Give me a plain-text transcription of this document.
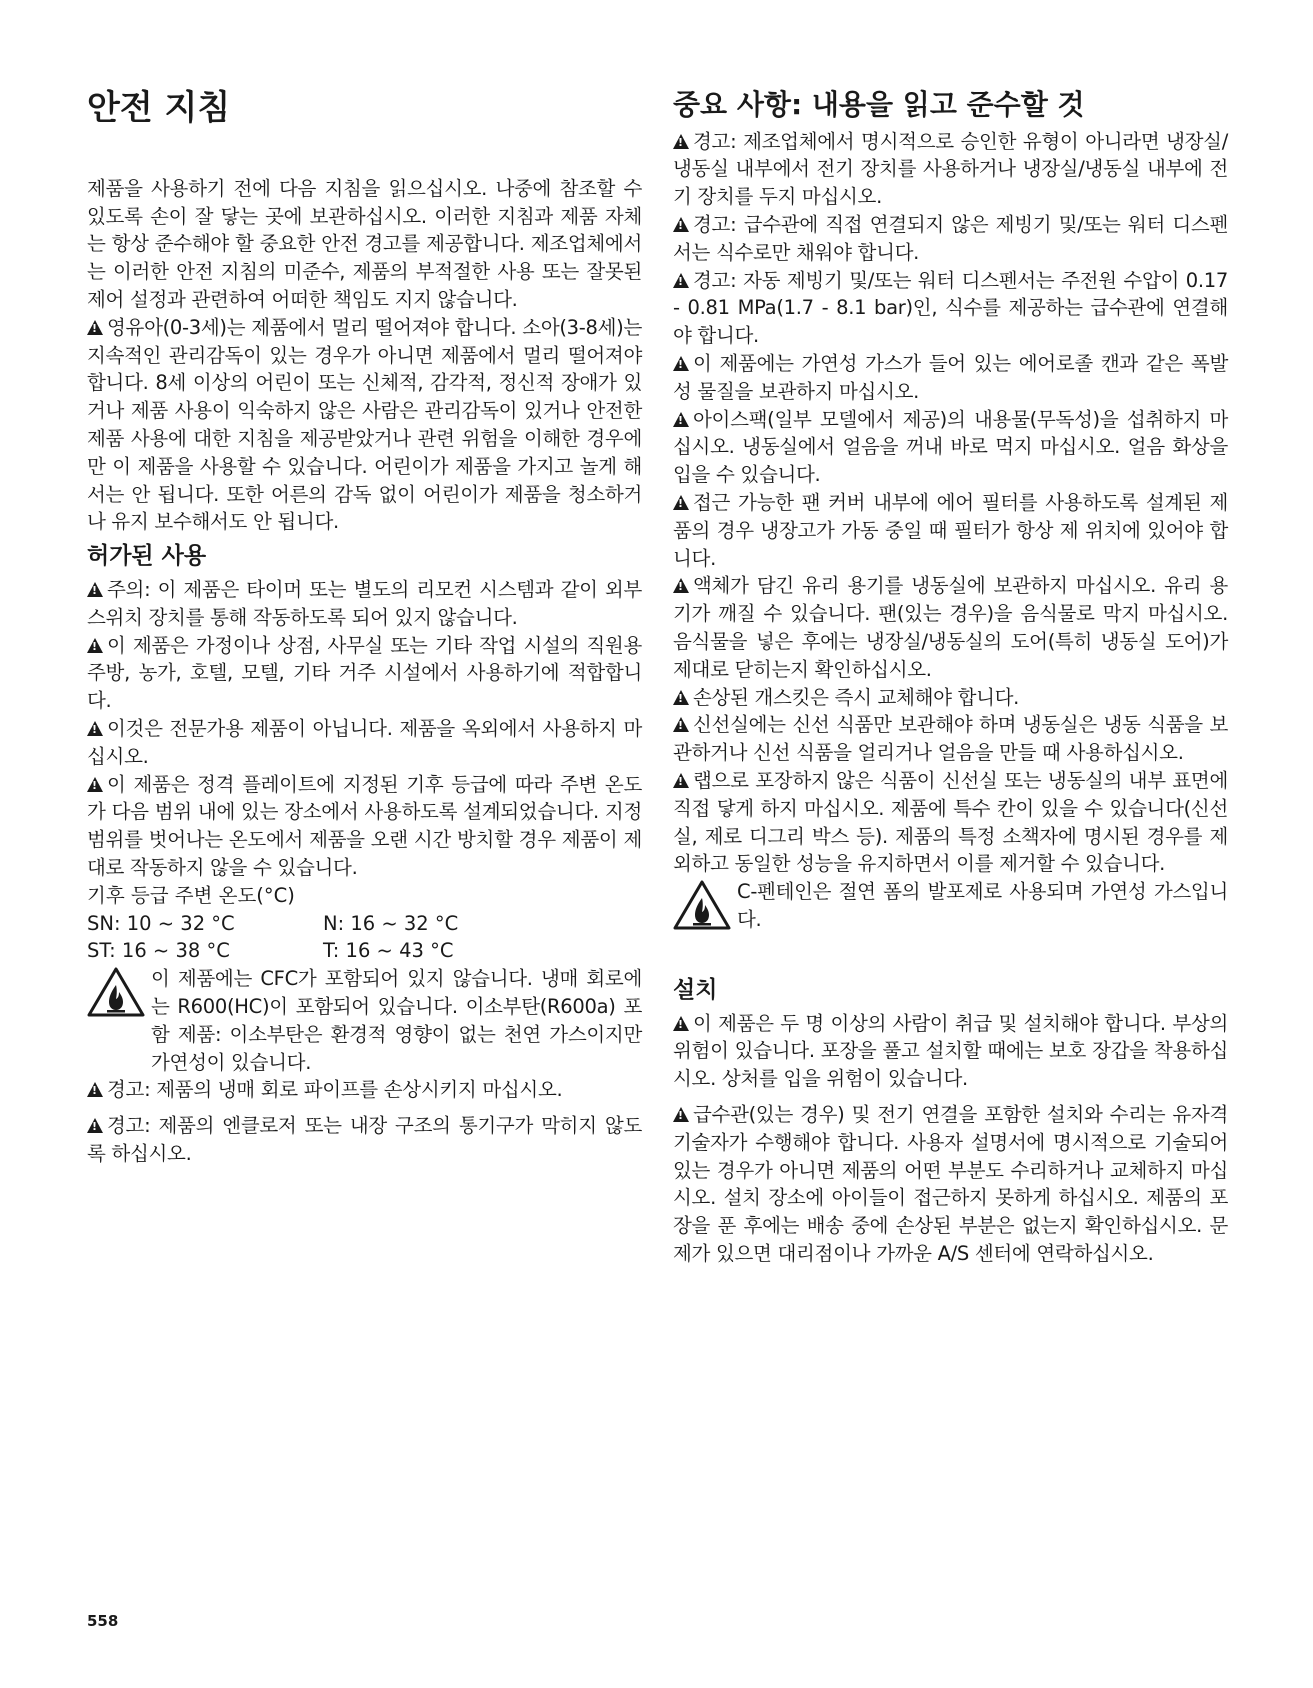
안전 지침

제품을 사용하기 전에 다음 지침을 읽으십시오. 나중에 참조할 수 있도록 손이 잘 닿는 곳에 보관하십시오. 이러한 지침과 제품 자체는 항상 준수해야 할 중요한 안전 경고를 제공합니다. 제조업체에서는 이러한 안전 지침의 미준수, 제품의 부적절한 사용 또는 잘못된 제어 설정과 관련하여 어떠한 책임도 지지 않습니다.

!영유아(0-3세)는 제품에서 멀리 떨어져야 합니다. 소아(3-8세)는 지속적인 관리감독이 있는 경우가 아니면 제품에서 멀리 떨어져야 합니다. 8세 이상의 어린이 또는 신체적, 감각적, 정신적 장애가 있거나 제품 사용이 익숙하지 않은 사람은 관리감독이 있거나 안전한 제품 사용에 대한 지침을 제공받았거나 관련 위험을 이해한 경우에만 이 제품을 사용할 수 있습니다. 어린이가 제품을 가지고 놀게 해서는 안 됩니다. 또한 어른의 감독 없이 어린이가 제품을 청소하거나 유지 보수해서도 안 됩니다.

허가된 사용

!주의: 이 제품은 타이머 또는 별도의 리모컨 시스템과 같이 외부 스위치 장치를 통해 작동하도록 되어 있지 않습니다.

!이 제품은 가정이나 상점, 사무실 또는 기타 작업 시설의 직원용 주방, 농가, 호텔, 모텔, 기타 거주 시설에서 사용하기에 적합합니다.

!이것은 전문가용 제품이 아닙니다. 제품을 옥외에서 사용하지 마십시오.

!이 제품은 정격 플레이트에 지정된 기후 등급에 따라 주변 온도가 다음 범위 내에 있는 장소에서 사용하도록 설계되었습니다. 지정 범위를 벗어나는 온도에서 제품을 오랜 시간 방치할 경우 제품이 제대로 작동하지 않을 수 있습니다.

기후 등급 주변 온도(°C)
SN: 10 ~ 32 °C	N: 16 ~ 32 °C
ST: 16 ~ 38 °C	T: 16 ~ 43 °C

이 제품에는 CFC가 포함되어 있지 않습니다. 냉매 회로에는 R600(HC)이 포함되어 있습니다. 이소부탄(R600a) 포함 제품: 이소부탄은 환경적 영향이 없는 천연 가스이지만 가연성이 있습니다.

!경고: 제품의 냉매 회로 파이프를 손상시키지 마십시오.

!경고: 제품의 엔클로저 또는 내장 구조의 통기구가 막히지 않도록 하십시오.

중요 사항: 내용을 읽고 준수할 것

!경고: 제조업체에서 명시적으로 승인한 유형이 아니라면 냉장실/냉동실 내부에서 전기 장치를 사용하거나 냉장실/냉동실 내부에 전기 장치를 두지 마십시오.

!경고: 급수관에 직접 연결되지 않은 제빙기 및/또는 워터 디스펜서는 식수로만 채워야 합니다.

!경고: 자동 제빙기 및/또는 워터 디스펜서는 주전원 수압이 0.17 - 0.81 MPa(1.7 - 8.1 bar)인, 식수를 제공하는 급수관에 연결해야 합니다.

!이 제품에는 가연성 가스가 들어 있는 에어로졸 캔과 같은 폭발성 물질을 보관하지 마십시오.

!아이스팩(일부 모델에서 제공)의 내용물(무독성)을 섭취하지 마십시오. 냉동실에서 얼음을 꺼내 바로 먹지 마십시오. 얼음 화상을 입을 수 있습니다.

!접근 가능한 팬 커버 내부에 에어 필터를 사용하도록 설계된 제품의 경우 냉장고가 가동 중일 때 필터가 항상 제 위치에 있어야 합니다.

!액체가 담긴 유리 용기를 냉동실에 보관하지 마십시오. 유리 용기가 깨질 수 있습니다. 팬(있는 경우)을 음식물로 막지 마십시오. 음식물을 넣은 후에는 냉장실/냉동실의 도어(특히 냉동실 도어)가 제대로 닫히는지 확인하십시오.

!손상된 개스킷은 즉시 교체해야 합니다.

!신선실에는 신선 식품만 보관해야 하며 냉동실은 냉동 식품을 보관하거나 신선 식품을 얼리거나 얼음을 만들 때 사용하십시오.

!랩으로 포장하지 않은 식품이 신선실 또는 냉동실의 내부 표면에 직접 닿게 하지 마십시오. 제품에 특수 칸이 있을 수 있습니다(신선실, 제로 디그리 박스 등). 제품의 특정 소책자에 명시된 경우를 제외하고 동일한 성능을 유지하면서 이를 제거할 수 있습니다.

C-펜테인은 절연 폼의 발포제로 사용되며 가연성 가스입니다.

설치

!이 제품은 두 명 이상의 사람이 취급 및 설치해야 합니다. 부상의 위험이 있습니다. 포장을 풀고 설치할 때에는 보호 장갑을 착용하십시오. 상처를 입을 위험이 있습니다.

!급수관(있는 경우) 및 전기 연결을 포함한 설치와 수리는 유자격 기술자가 수행해야 합니다. 사용자 설명서에 명시적으로 기술되어 있는 경우가 아니면 제품의 어떤 부분도 수리하거나 교체하지 마십시오. 설치 장소에 아이들이 접근하지 못하게 하십시오. 제품의 포장을 푼 후에는 배송 중에 손상된 부분은 없는지 확인하십시오. 문제가 있으면 대리점이나 가까운 A/S 센터에 연락하십시오.

558
